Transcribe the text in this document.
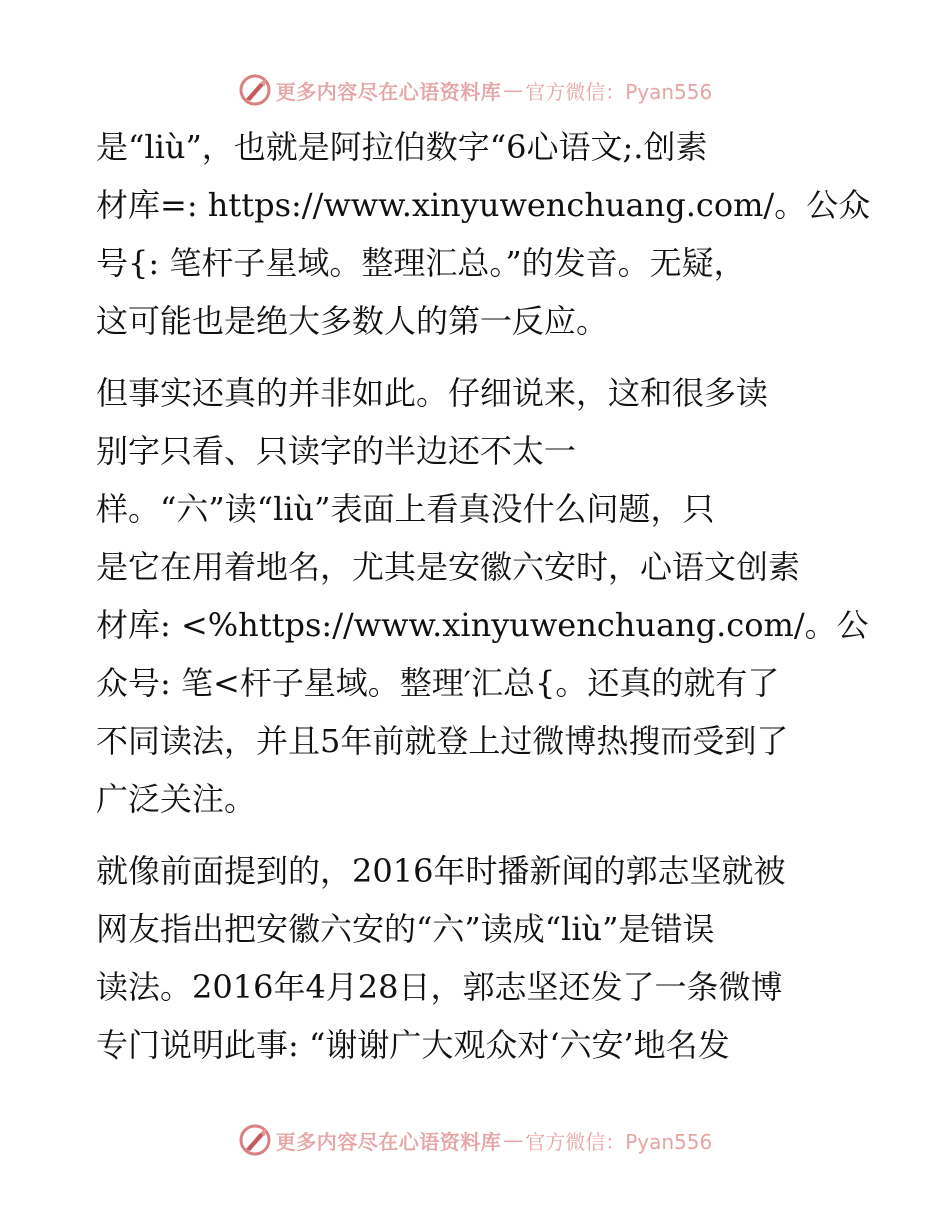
更多内容尽在心语资料库 — 官方微信：Pyan556
是“liù”，也就是阿拉伯数字“6心语文;.创素
材库=: https://www.xinyuwenchuang.com/。公众
号{: 笔杆子星域。整理汇总。”的发音。无疑，
这可能也是绝大多数人的第一反应。
但事实还真的并非如此。仔细说来，这和很多读
别字只看、只读字的半边还不太一
样。“六”读“liù”表面上看真没什么问题，只
是它在用着地名，尤其是安徽六安时，心语文创素
材库: <%https://www.xinyuwenchuang.com/。公
众号: 笔<杆子星域。整理′汇总{。还真的就有了
不同读法，并且5年前就登上过微博热搜而受到了
广泛关注。
就像前面提到的，2016年时播新闻的郭志坚就被
网友指出把安徽六安的“六”读成“liù”是错误
读法。2016年4月28日，郭志坚还发了一条微博
专门说明此事: “谢谢广大观众对‘六安’地名发
更多内容尽在心语资料库 — 官方微信：Pyan556
